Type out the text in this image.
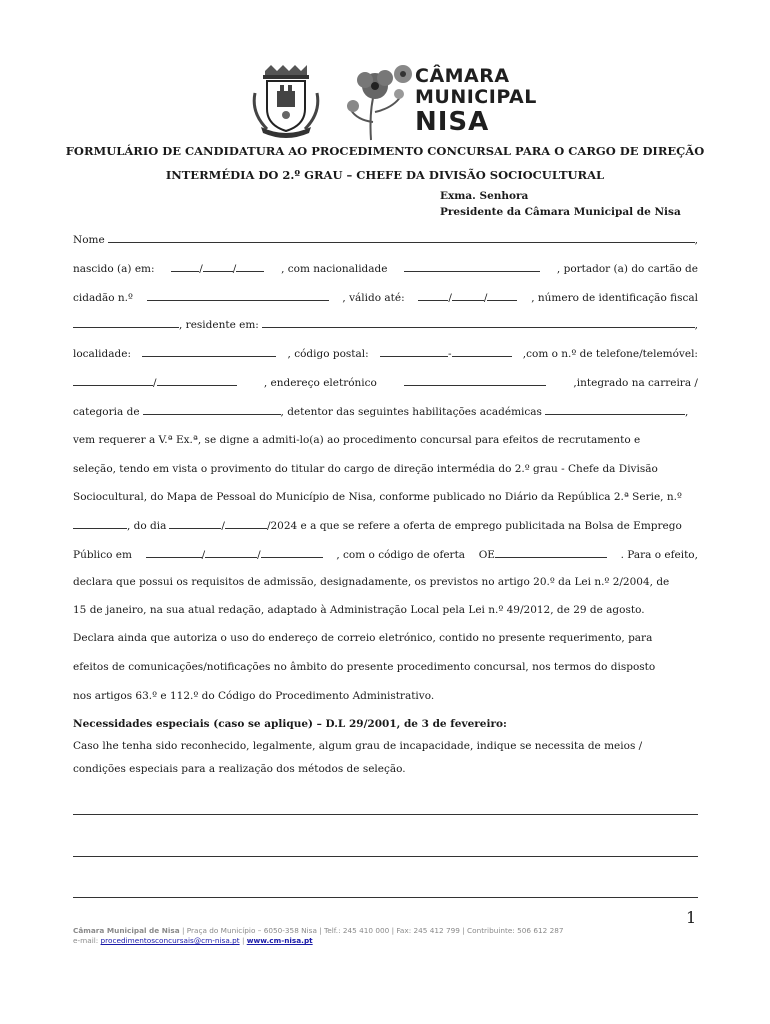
CÂMARA
MUNICIPAL
NISA
FORMULÁRIO DE CANDIDATURA AO PROCEDIMENTO CONCURSAL PARA O CARGO DE DIREÇÃO
INTERMÉDIA DO 2.º GRAU – CHEFE DA DIVISÃO SOCIOCULTURAL
Exma. Senhora
Presidente da Câmara Municipal de Nisa
Nome	,
nascido (a) em:	/	/	, com nacionalidade	, portador (a) do cartão de
cidadão n.º	, válido até:	/	/	, número de identificação fiscal
, residente em:	,
localidade:	, código postal:	-	,com o n.º de telefone/telemóvel:
/	, endereço eletrónico	,integrado na carreira /
categoria de	, detentor das seguintes habilitações académicas	,
vem requerer a V.ª Ex.ª, se digne a admiti-lo(a) ao procedimento concursal para efeitos de recrutamento e
seleção, tendo em vista o provimento do titular do cargo de direção intermédia do 2.º grau - Chefe da Divisão
Sociocultural, do Mapa de Pessoal do Município de Nisa, conforme publicado no Diário da República 2.ª Serie, n.º
, do dia	/	/2024 e a que se refere a oferta de emprego publicitada na Bolsa de Emprego
Público em	/	/	, com o código de oferta OE	. Para o efeito,
declara que possui os requisitos de admissão, designadamente, os previstos no artigo 20.º da Lei n.º 2/2004, de
15 de janeiro, na sua atual redação, adaptado à Administração Local pela Lei n.º 49/2012, de 29 de agosto.
Declara ainda que autoriza o uso do endereço de correio eletrónico, contido no presente requerimento, para
efeitos de comunicações/notificações no âmbito do presente procedimento concursal, nos termos do disposto
nos artigos 63.º e 112.º do Código do Procedimento Administrativo.
Necessidades especiais (caso se aplique) – D.L 29/2001, de 3 de fevereiro:
Caso lhe tenha sido reconhecido, legalmente, algum grau de incapacidade, indique se necessita de meios /
condições especiais para a realização dos métodos de seleção.
1
Câmara Municipal de Nisa | Praça do Município – 6050-358 Nisa | Telf.: 245 410 000 | Fax: 245 412 799 | Contribuinte: 506 612 287
e-mail: procedimentosconcursais@cm-nisa.pt | www.cm-nisa.pt
